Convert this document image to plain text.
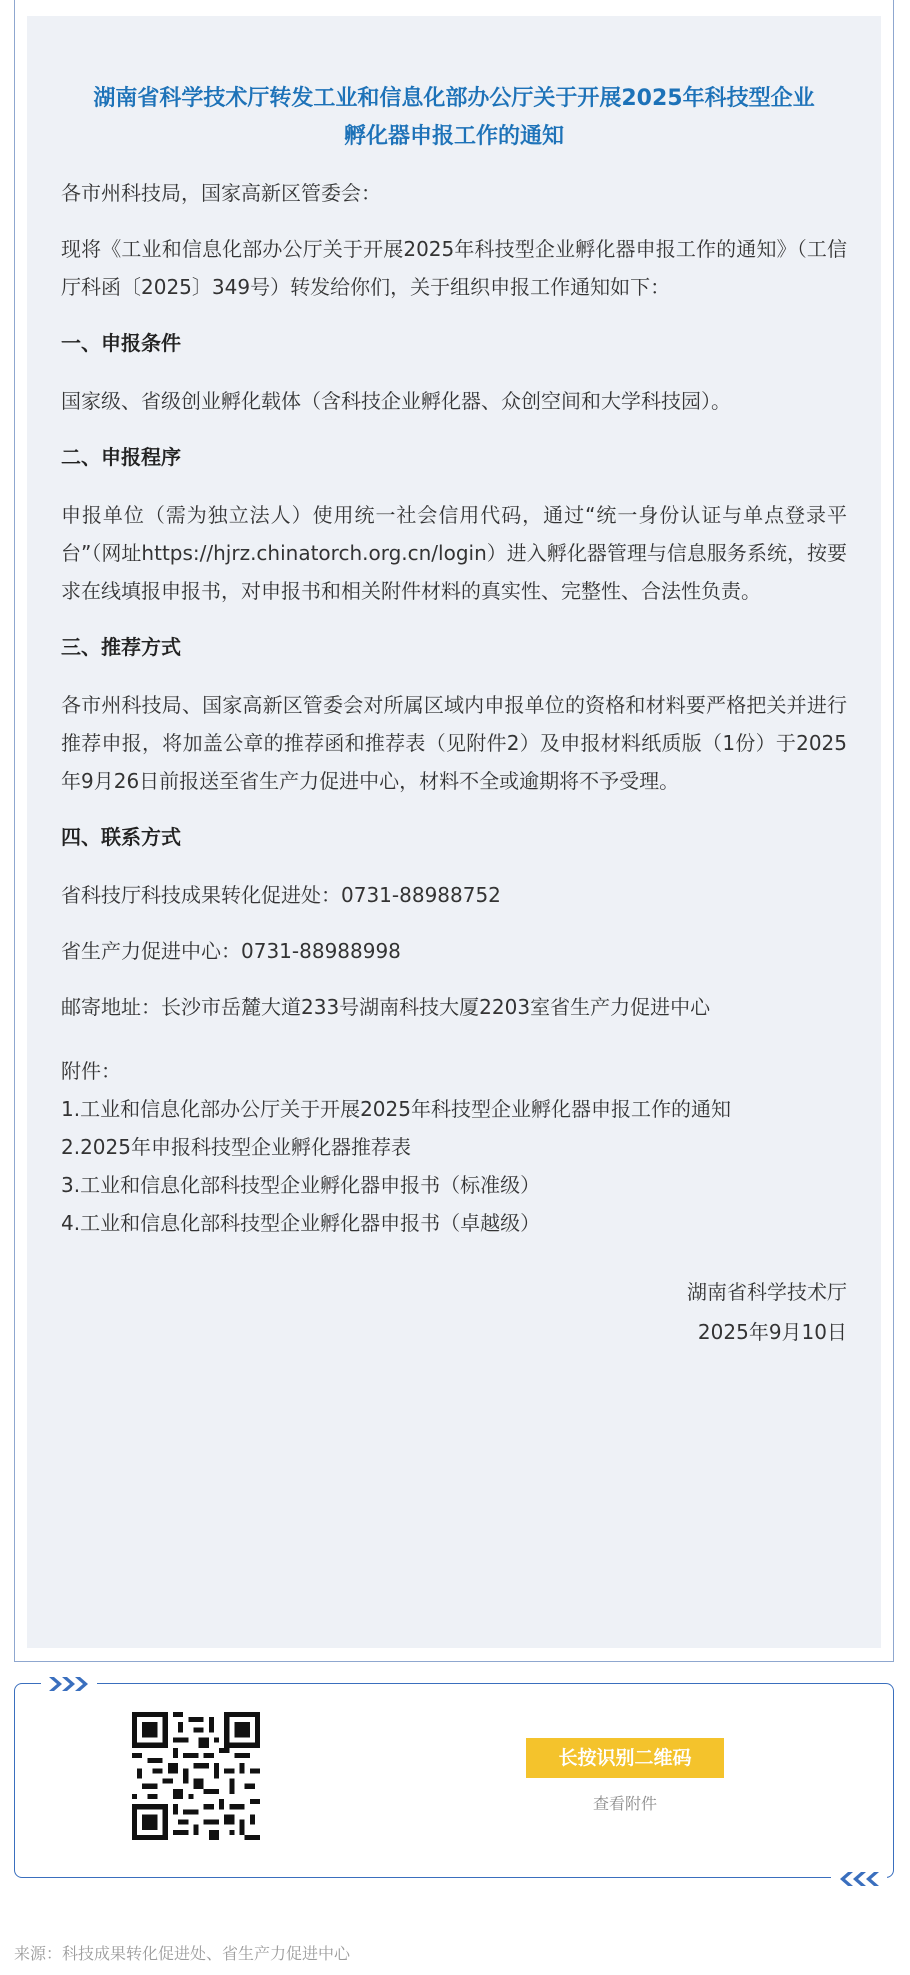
湖南省科学技术厅转发工业和信息化部办公厅关于开展2025年科技型企业
孵化器申报工作的通知

各市州科技局，国家高新区管委会：

现将《工业和信息化部办公厅关于开展2025年科技型企业孵化器申报工作的通知》（工信厅科函〔2025〕349号）转发给你们，关于组织申报工作通知如下：

一、申报条件

国家级、省级创业孵化载体（含科技企业孵化器、众创空间和大学科技园）。

二、申报程序

申报单位（需为独立法人）使用统一社会信用代码，通过“统一身份认证与单点登录平台”（网址https://hjrz.chinatorch.org.cn/login）进入孵化器管理与信息服务系统，按要求在线填报申报书，对申报书和相关附件材料的真实性、完整性、合法性负责。

三、推荐方式

各市州科技局、国家高新区管委会对所属区域内申报单位的资格和材料要严格把关并进行推荐申报，将加盖公章的推荐函和推荐表（见附件2）及申报材料纸质版（1份）于2025年9月26日前报送至省生产力促进中心，材料不全或逾期将不予受理。

四、联系方式

省科技厅科技成果转化促进处：0731-88988752

省生产力促进中心：0731-88988998

邮寄地址：长沙市岳麓大道233号湖南科技大厦2203室省生产力促进中心

附件：
1.工业和信息化部办公厅关于开展2025年科技型企业孵化器申报工作的通知
2.2025年申报科技型企业孵化器推荐表
3.工业和信息化部科技型企业孵化器申报书（标准级）
4.工业和信息化部科技型企业孵化器申报书（卓越级）
湖南省科学技术厅
2025年9月10日
长按识别二维码
查看附件
来源：科技成果转化促进处、省生产力促进中心
